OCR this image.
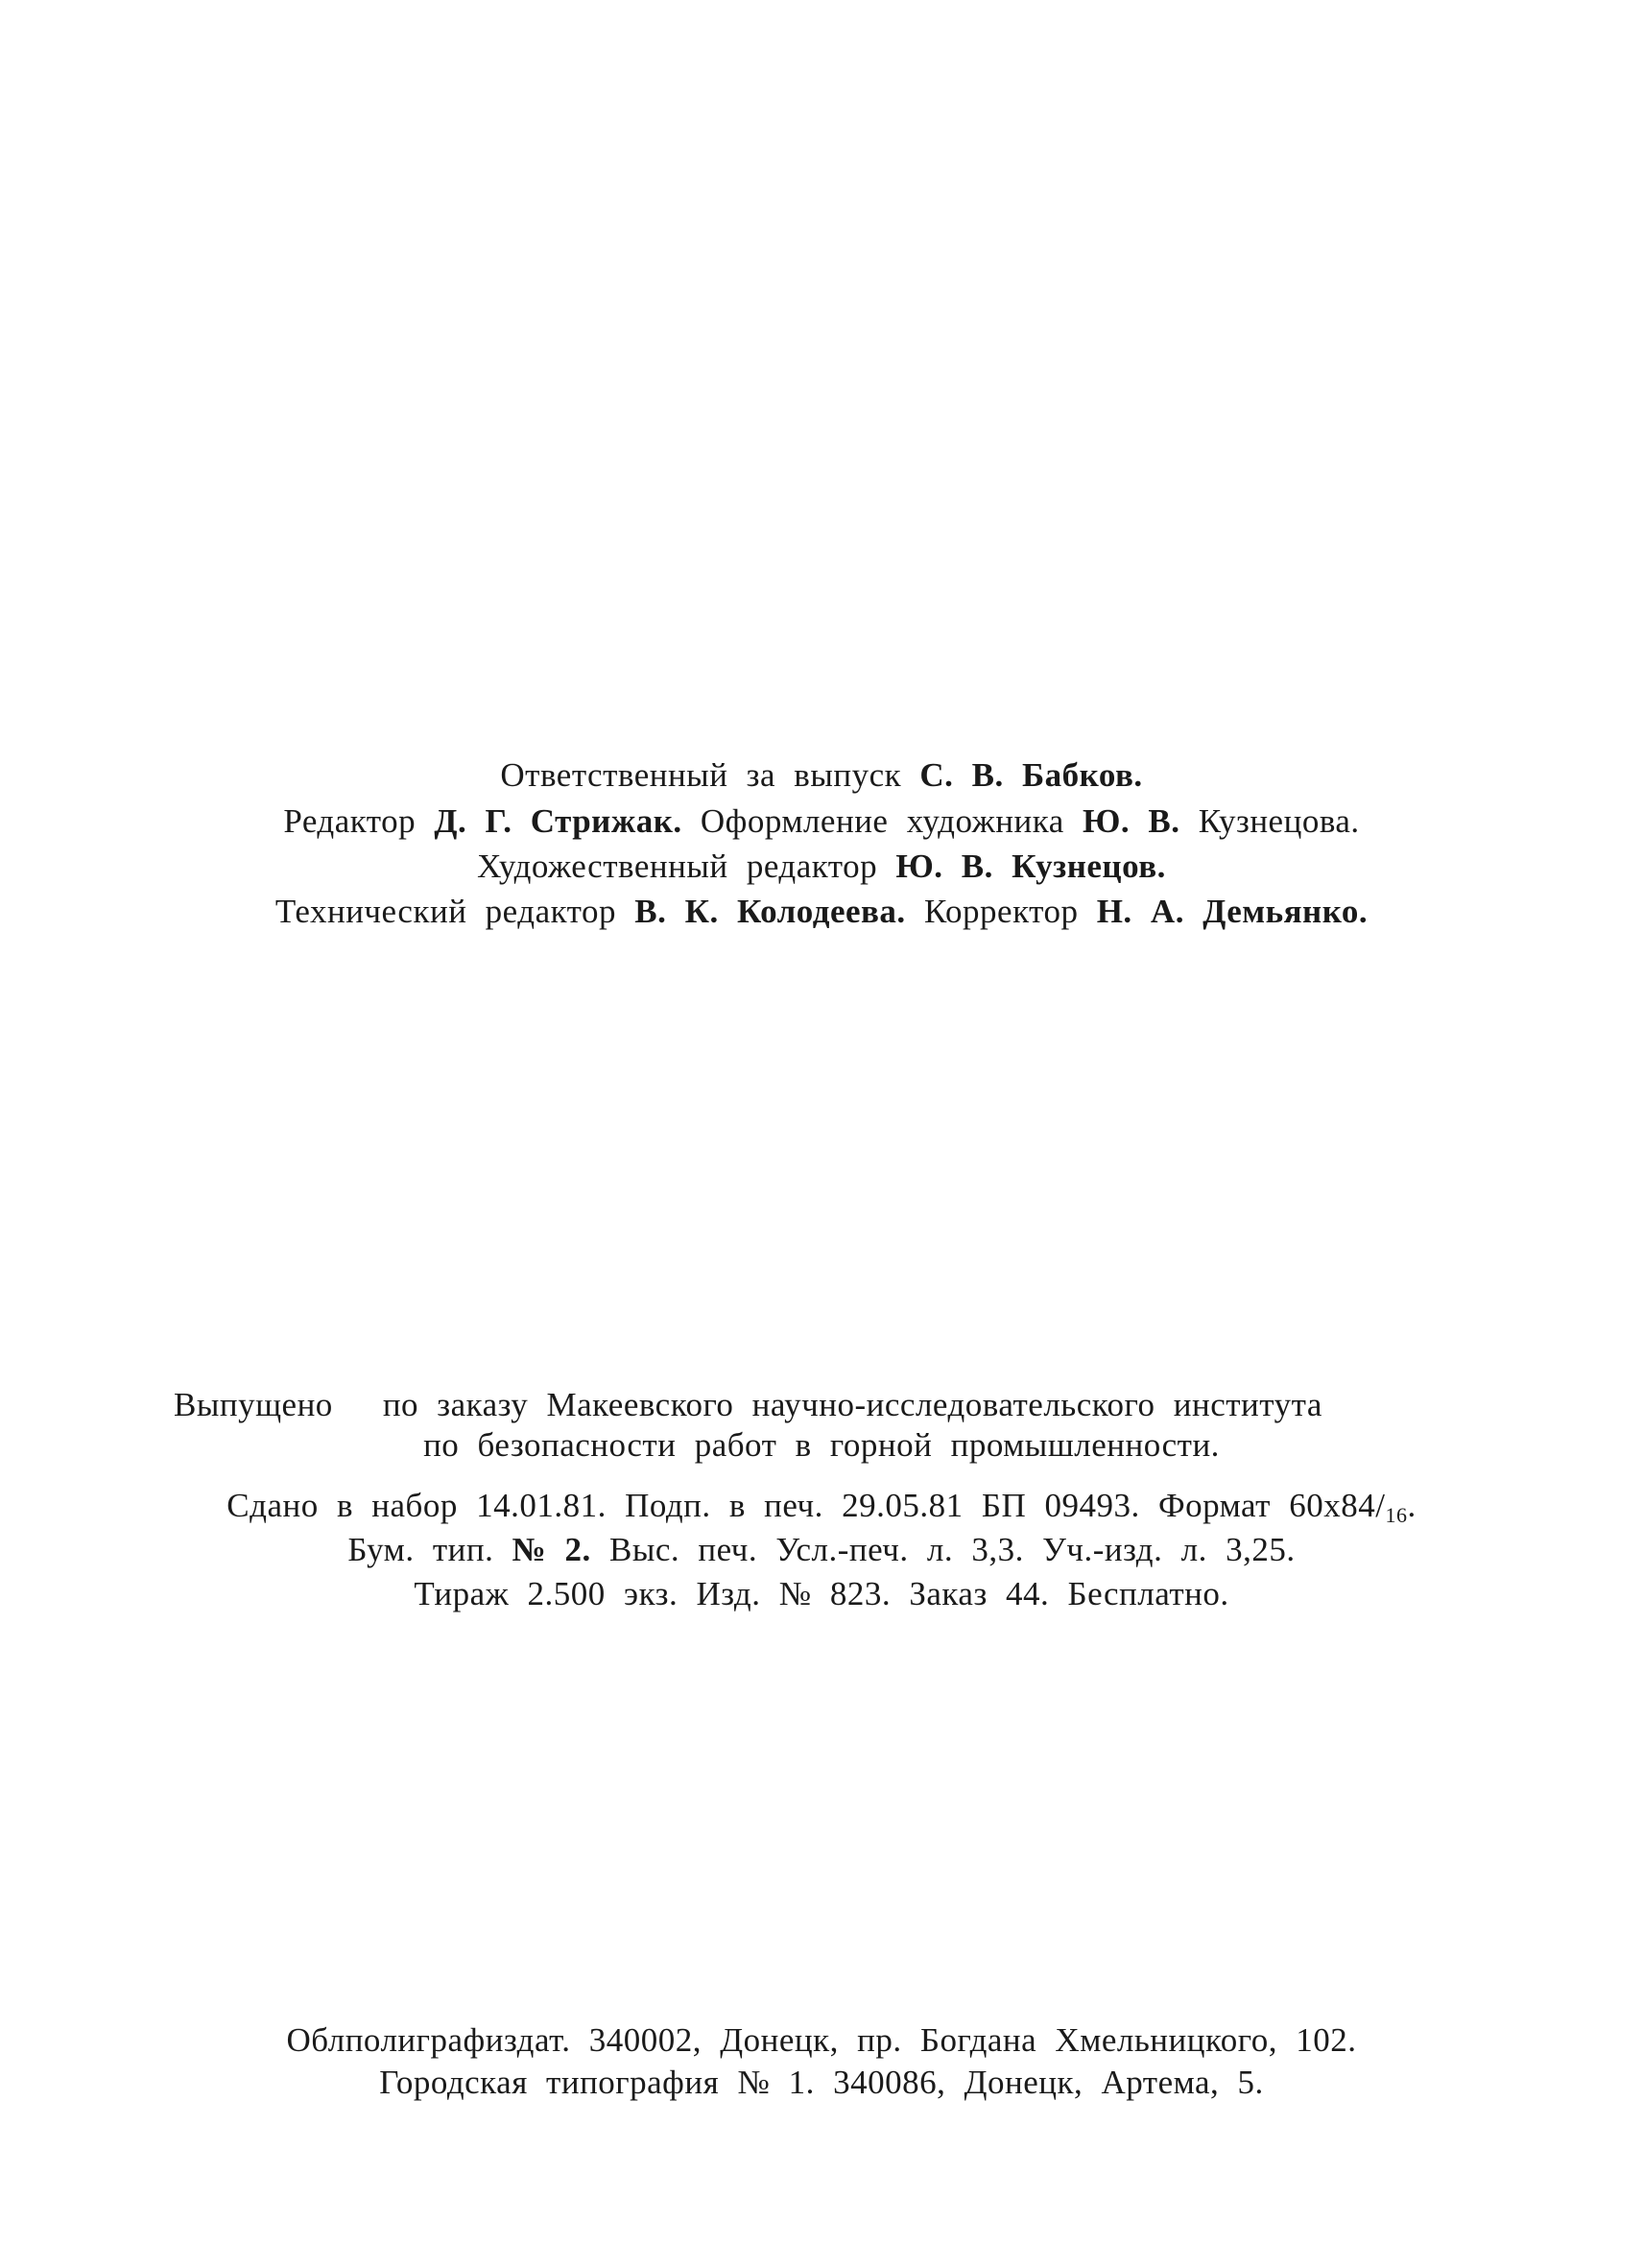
Ответственный за выпуск С. В. Бабков.
Редактор Д. Г. Стрижак. Оформление художника Ю. В. Кузнецова.
Художественный редактор Ю. В. Кузнецов.
Технический редактор В. К. Колодеева. Корректор Н. А. Демьянко.
Выпущено по заказу Макеевского научно-исследовательского института
по безопасности работ в горной промышленности.
Сдано в набор 14.01.81. Подп. в печ. 29.05.81 БП 09493. Формат $60x84/_{16}$.
Бум. тип. № 2. Выс. печ. Усл.-печ. л. 3,3. Уч.-изд. л. 3,25.
Тираж 2.500 экз. Изд. № 823. Заказ 44. Бесплатно.
Облполиграфиздат. 340002, Донецк, пр. Богдана Хмельницкого, 102.
Городская типография № 1. 340086, Донецк, Артема, 5.
